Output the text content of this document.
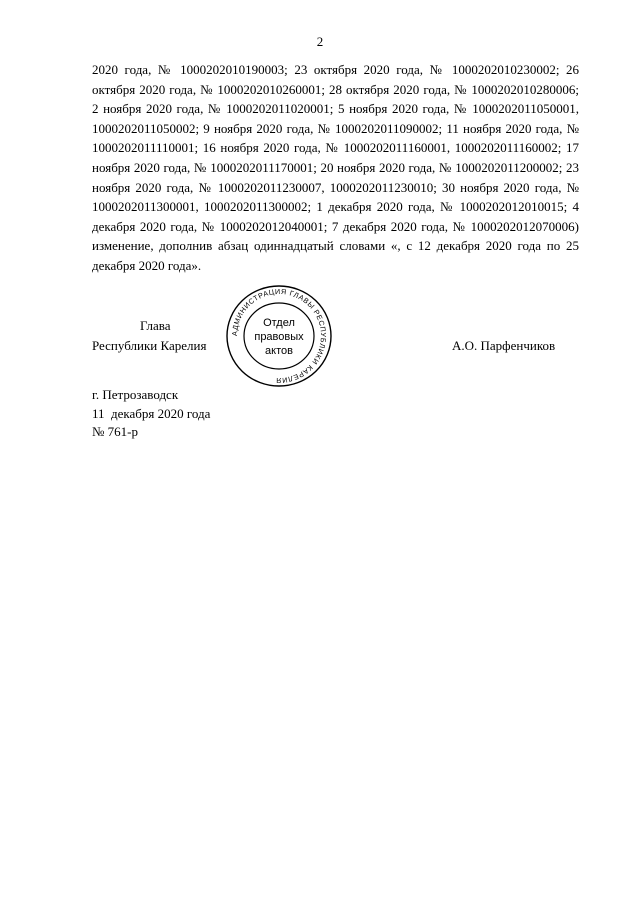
2

2020 года, № 1000202010190003; 23 октября 2020 года, № 1000202010230002; 26 октября 2020 года, № 1000202010260001; 28 октября 2020 года, № 1000202010280006; 2 ноября 2020 года, № 1000202011020001; 5 ноября 2020 года, № 1000202011050001, 1000202011050002; 9 ноября 2020 года, № 1000202011090002; 11 ноября 2020 года, № 1000202011110001; 16 ноября 2020 года, № 1000202011160001, 1000202011160002; 17 ноября 2020 года, № 1000202011170001; 20 ноября 2020 года, № 1000202011200002; 23 ноября 2020 года, № 1000202011230007, 1000202011230010; 30 ноября 2020 года, № 1000202011300001, 1000202011300002; 1 декабря 2020 года, № 1000202012010015; 4 декабря 2020 года, № 1000202012040001; 7 декабря 2020 года, № 1000202012070006) изменение, дополнив абзац одиннадцатый словами «, с 12 декабря 2020 года по 25 декабря 2020 года».

Глава
Республики Карелия	А.О. Парфенчиков
АДМИНИСТРАЦИЯ ГЛАВЫ РЕСПУБЛИКИ КАРЕЛИЯ
Отдел
правовых
актов
г. Петрозаводск
11  декабря 2020 года
№ 761-р
